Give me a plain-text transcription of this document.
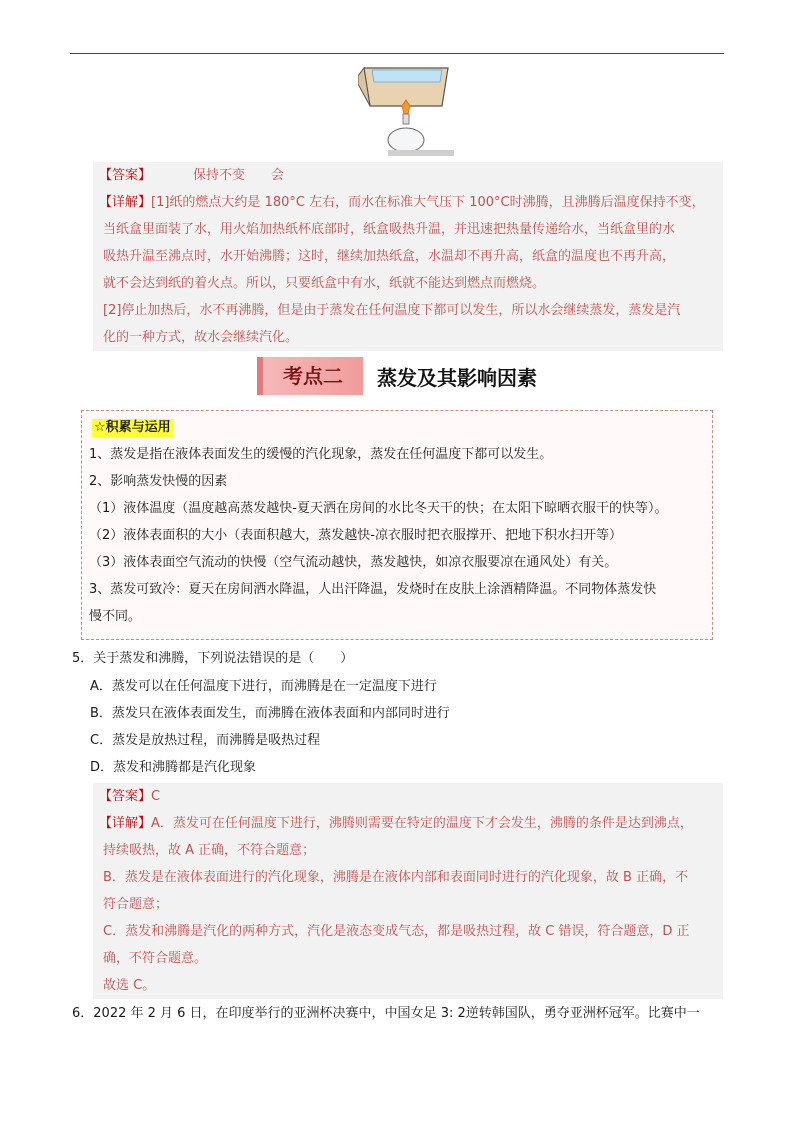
【答案】	保持不变 会
【详解】[1]纸的燃点大约是 180°C 左右，而水在标准大气压下 100°C时沸腾，且沸腾后温度保持不变，
当纸盒里面装了水，用火焰加热纸杯底部时，纸盒吸热升温，并迅速把热量传递给水，当纸盒里的水
吸热升温至沸点时，水开始沸腾；这时，继续加热纸盒，水温却不再升高，纸盒的温度也不再升高，
就不会达到纸的着火点。所以，只要纸盒中有水，纸就不能达到燃点而燃烧。
[2]停止加热后，水不再沸腾，但是由于蒸发在任何温度下都可以发生，所以水会继续蒸发，蒸发是汽
化的一种方式，故水会继续汽化。
考点二	蒸发及其影响因素
☆积累与运用
1、蒸发是指在液体表面发生的缓慢的汽化现象，蒸发在任何温度下都可以发生。
2、影响蒸发快慢的因素
（1）液体温度（温度越高蒸发越快-夏天洒在房间的水比冬天干的快；在太阳下晾晒衣服干的快等）。
（2）液体表面积的大小（表面积越大，蒸发越快-凉衣服时把衣服撑开、把地下积水扫开等）
（3）液体表面空气流动的快慢（空气流动越快，蒸发越快，如凉衣服要凉在通风处）有关。
3、蒸发可致冷：夏天在房间洒水降温，人出汗降温，发烧时在皮肤上涂酒精降温。不同物体蒸发快
慢不同。
5．关于蒸发和沸腾，下列说法错误的是（　　）
A．蒸发可以在任何温度下进行，而沸腾是在一定温度下进行
B．蒸发只在液体表面发生，而沸腾在液体表面和内部同时进行
C．蒸发是放热过程，而沸腾是吸热过程
D．蒸发和沸腾都是汽化现象
【答案】C
【详解】A．蒸发可在任何温度下进行，沸腾则需要在特定的温度下才会发生，沸腾的条件是达到沸点，
持续吸热，故 A 正确，不符合题意；
B．蒸发是在液体表面进行的汽化现象，沸腾是在液体内部和表面同时进行的汽化现象，故 B 正确，不
符合题意；
C．蒸发和沸腾是汽化的两种方式，汽化是液态变成气态，都是吸热过程，故 C 错误，符合题意，D 正
确，不符合题意。
故选 C。
6．2022 年 2 月 6 日，在印度举行的亚洲杯决赛中，中国女足 3: 2逆转韩国队，勇夺亚洲杯冠军。比赛中一
